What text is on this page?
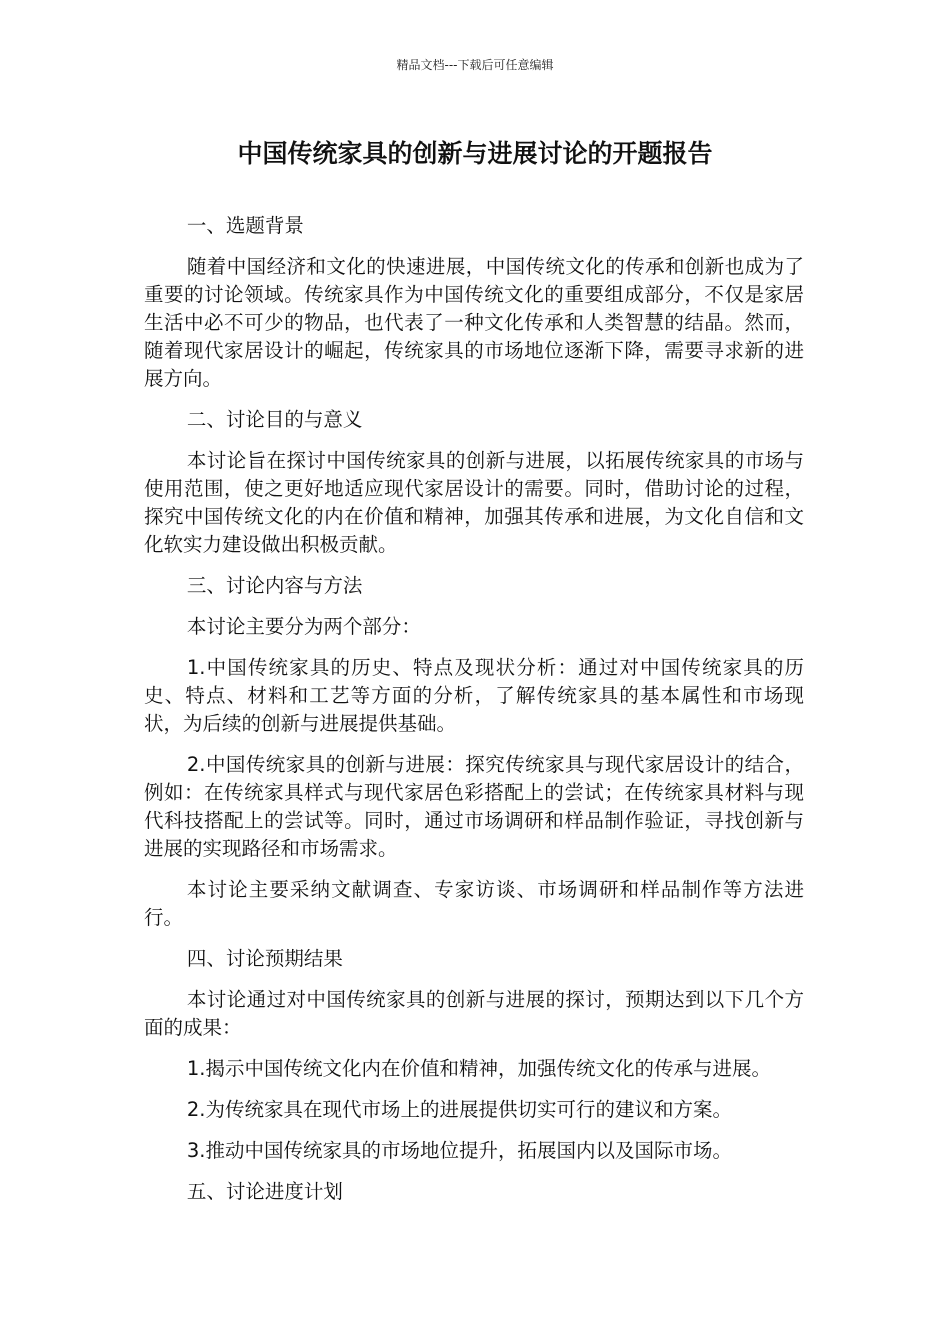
精品文档---下载后可任意编辑
中国传统家具的创新与进展讨论的开题报告

一、选题背景

随着中国经济和文化的快速进展，中国传统文化的传承和创新也成为了重要的讨论领域。传统家具作为中国传统文化的重要组成部分，不仅是家居生活中必不可少的物品，也代表了一种文化传承和人类智慧的结晶。然而，随着现代家居设计的崛起，传统家具的市场地位逐渐下降，需要寻求新的进展方向。

二、讨论目的与意义

本讨论旨在探讨中国传统家具的创新与进展，以拓展传统家具的市场与使用范围，使之更好地适应现代家居设计的需要。同时，借助讨论的过程，探究中国传统文化的内在价值和精神，加强其传承和进展，为文化自信和文化软实力建设做出积极贡献。

三、讨论内容与方法

本讨论主要分为两个部分：

1.中国传统家具的历史、特点及现状分析：通过对中国传统家具的历史、特点、材料和工艺等方面的分析，了解传统家具的基本属性和市场现状，为后续的创新与进展提供基础。

2.中国传统家具的创新与进展：探究传统家具与现代家居设计的结合，例如：在传统家具样式与现代家居色彩搭配上的尝试；在传统家具材料与现代科技搭配上的尝试等。同时，通过市场调研和样品制作验证，寻找创新与进展的实现路径和市场需求。

本讨论主要采纳文献调查、专家访谈、市场调研和样品制作等方法进行。

四、讨论预期结果

本讨论通过对中国传统家具的创新与进展的探讨，预期达到以下几个方面的成果：

1.揭示中国传统文化内在价值和精神，加强传统文化的传承与进展。

2.为传统家具在现代市场上的进展提供切实可行的建议和方案。

3.推动中国传统家具的市场地位提升，拓展国内以及国际市场。

五、讨论进度计划
